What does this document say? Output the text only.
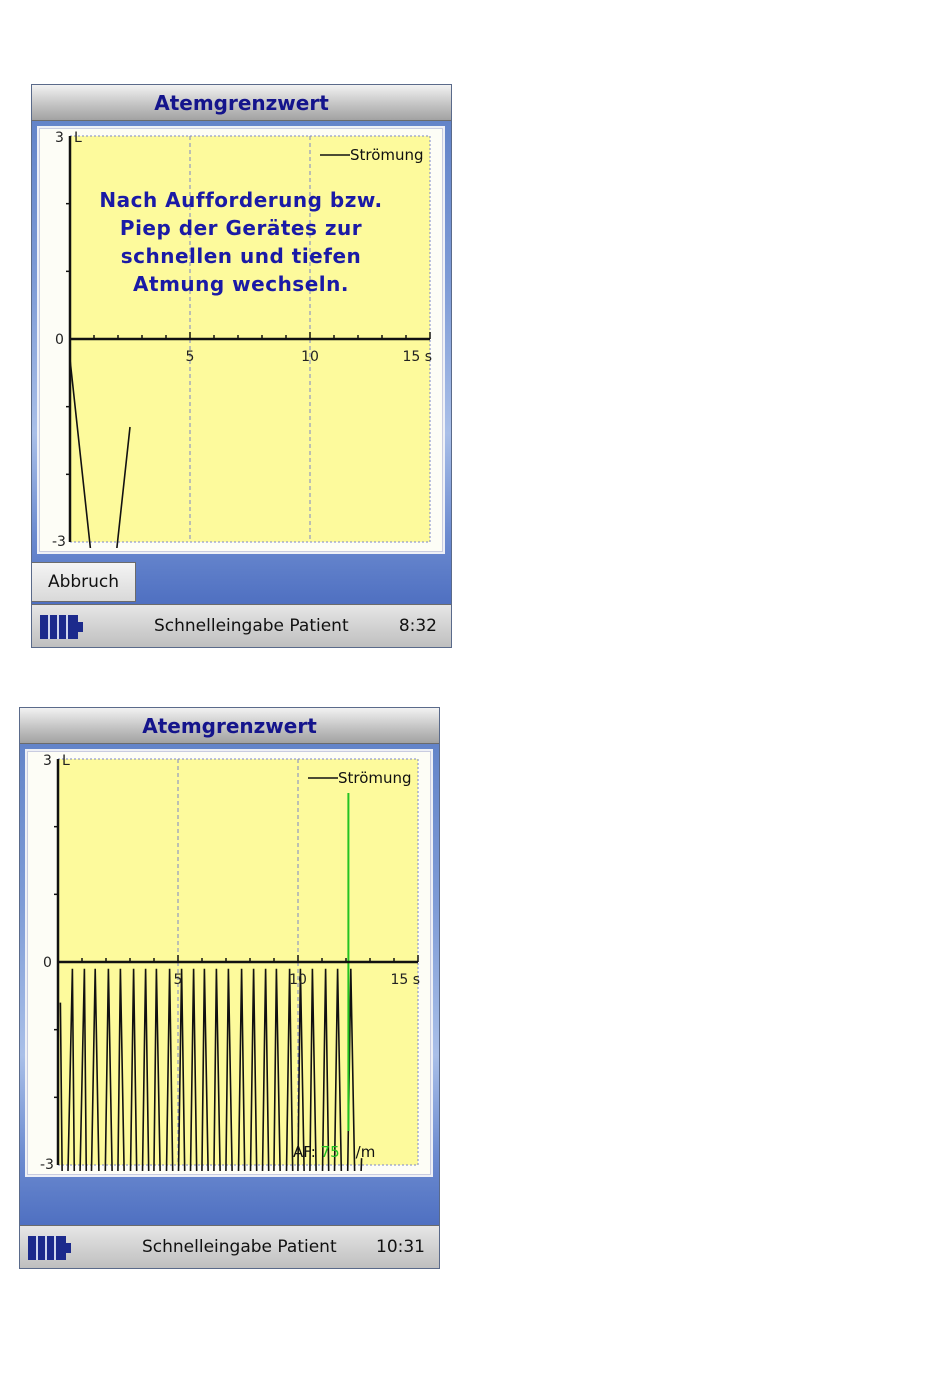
Atemgrenzwert
3 L
0
-3
5	10	15 s
Strömung
Nach Aufforderung bzw.
Piep der Gerätes zur
schnellen und tiefen
Atmung wechseln.
Abbruch
Schnelleingabe Patient	8:32
Atemgrenzwert
3 L
0
-3
5	10	15 s
Strömung
AF: 75 /m
Schnelleingabe Patient 10:31
